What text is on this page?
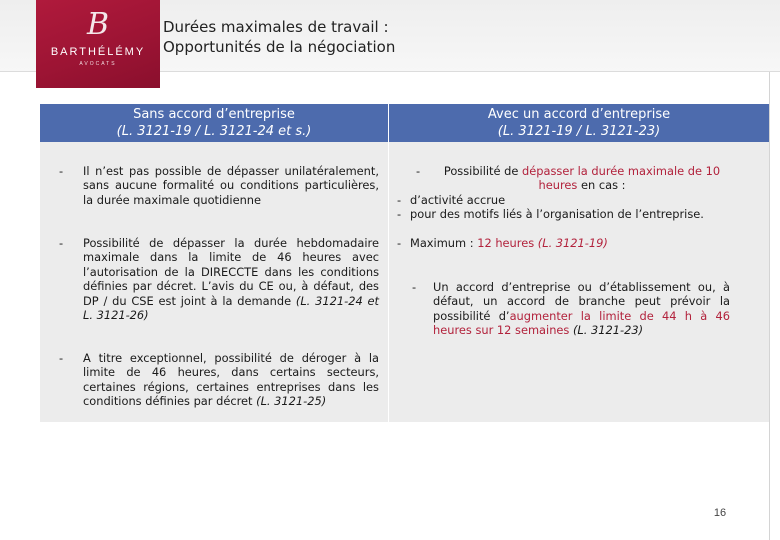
B
BARTHÉLÉMY
AVOCATS
Durées maximales de travail :
Opportunités de la négociation
Sans accord d’entreprise
(L. 3121-19 / L. 3121-24 et s.)
Avec un accord d’entreprise
(L. 3121-19 / L. 3121-23)
- Il n’est pas possible de dépasser unilatéralement, sans aucune formalité ou conditions particulières, la durée maximale quotidienne
- Possibilité de dépasser la durée hebdomadaire maximale dans la limite de 46 heures avec l’autorisation de la DIRECCTE dans les conditions définies par décret. L’avis du CE ou, à défaut, des DP / du CSE est joint à la demande (L. 3121-24 et L. 3121-26)
- A titre exceptionnel, possibilité de déroger à la limite de 46 heures, dans certains secteurs, certaines régions, certaines entreprises dans les conditions définies par décret (L. 3121-25)
-	Possibilité de dépasser la durée maximale de 10 heures en cas :
- d’activité accrue
- pour des motifs liés à l’organisation de l’entreprise.
- Maximum : 12 heures (L. 3121-19)
- Un accord d’entreprise ou d’établissement ou, à défaut, un accord de branche peut prévoir la possibilité d’augmenter la limite de 44 h à 46 heures sur 12 semaines (L. 3121-23)
16
